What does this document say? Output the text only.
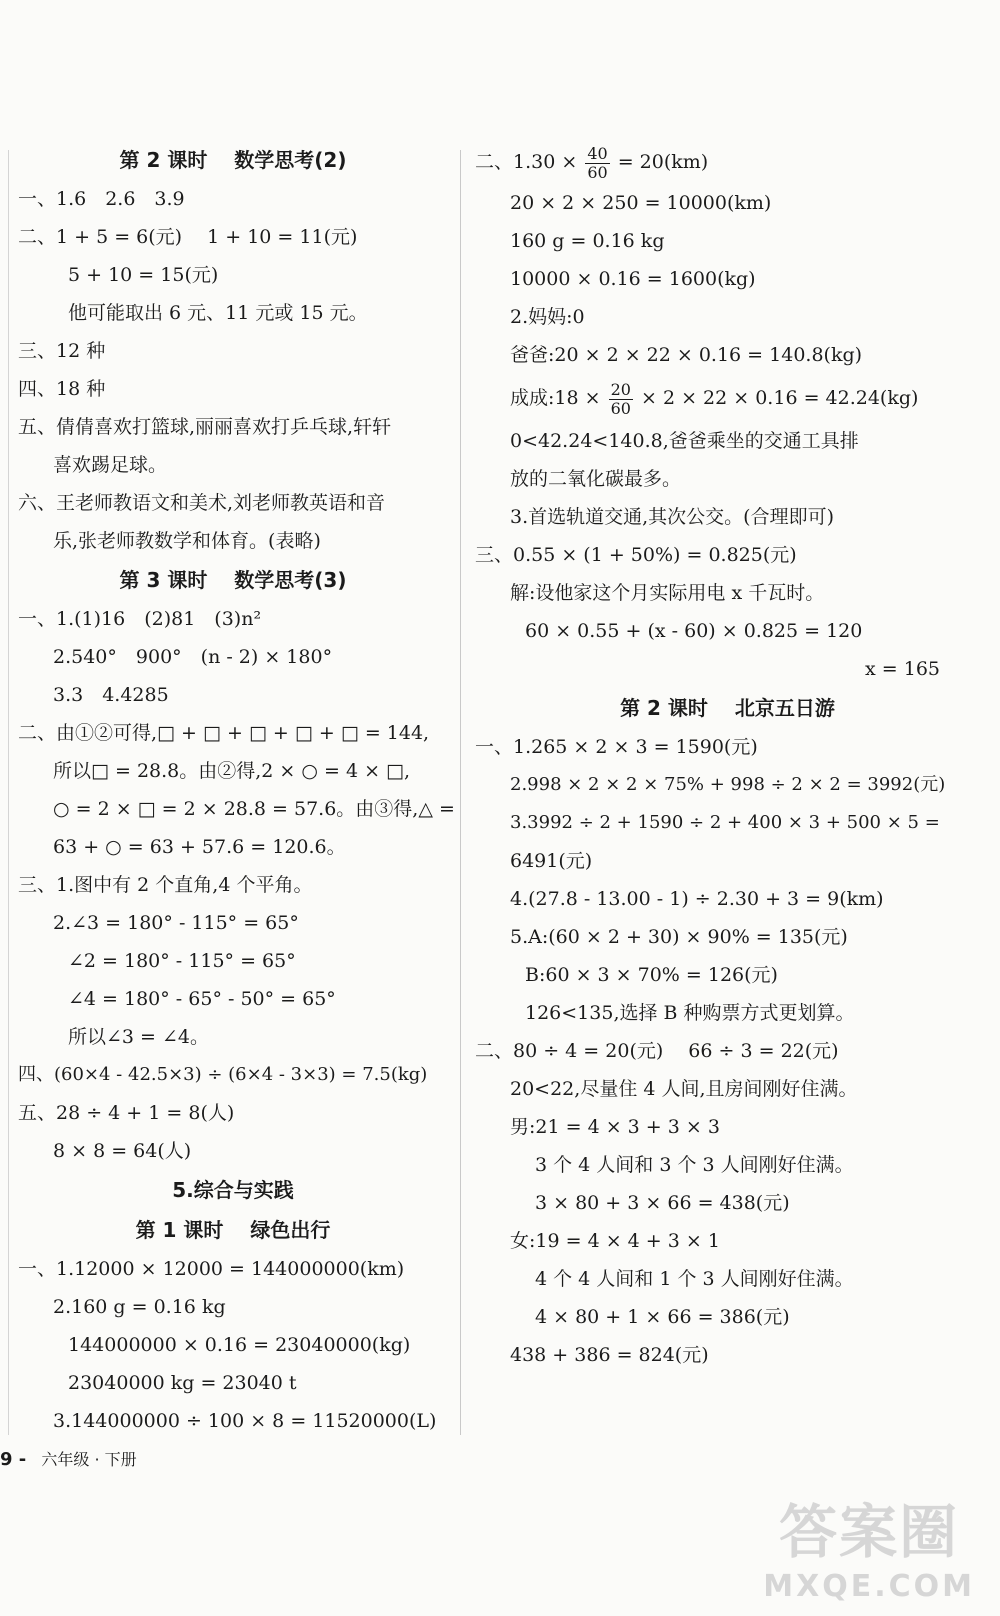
第 2 课时　 数学思考(2)
一、1.6　2.6　3.9
二、1 + 5 = 6(元)　 1 + 10 = 11(元)
5 + 10 = 15(元)
他可能取出 6 元、11 元或 15 元。
三、12 种
四、18 种
五、倩倩喜欢打篮球,丽丽喜欢打乒乓球,轩轩
喜欢踢足球。
六、王老师教语文和美术,刘老师教英语和音
乐,张老师教数学和体育。(表略)
第 3 课时　 数学思考(3)
一、1.(1)16　(2)81　(3)n²
2.540°　900°　(n - 2) × 180°
3.3　4.4285
二、由①②可得,□ + □ + □ + □ + □ = 144,
所以□ = 28.8。由②得,2 × ○ = 4 × □,
○ = 2 × □ = 2 × 28.8 = 57.6。由③得,△ =
63 + ○ = 63 + 57.6 = 120.6。
三、1.图中有 2 个直角,4 个平角。
2.∠3 = 180° - 115° = 65°
∠2 = 180° - 115° = 65°
∠4 = 180° - 65° - 50° = 65°
所以∠3 = ∠4。
四、(60×4 - 42.5×3) ÷ (6×4 - 3×3) = 7.5(kg)
五、28 ÷ 4 + 1 = 8(人)
8 × 8 = 64(人)
5.综合与实践
第 1 课时　 绿色出行
一、1.12000 × 12000 = 144000000(km)
2.160 g = 0.16 kg
144000000 × 0.16 = 23040000(kg)
23040000 kg = 23040 t
3.144000000 ÷ 100 × 8 = 11520000(L)
二、$1.30 \times \frac{40}{60} = 20(km)$
20 × 2 × 250 = 10000(km)
160 g = 0.16 kg
10000 × 0.16 = 1600(kg)
2.妈妈:0
爸爸:20 × 2 × 22 × 0.16 = 140.8(kg)
成成:18 × $\frac{20}{60} \times 2 \times 22 \times 0.16 = 42.24(kg)$
0<42.24<140.8,爸爸乘坐的交通工具排
放的二氧化碳最多。
3.首选轨道交通,其次公交。(合理即可)
三、0.55 × (1 + 50%) = 0.825(元)
解:设他家这个月实际用电 x 千瓦时。
60 × 0.55 + (x - 60) × 0.825 = 120
x = 165
第 2 课时　 北京五日游
一、1.265 × 2 × 3 = 1590(元)
2.998 × 2 × 2 × 75% + 998 ÷ 2 × 2 = 3992(元)
3.3992 ÷ 2 + 1590 ÷ 2 + 400 × 3 + 500 × 5 =
6491(元)
4.(27.8 - 13.00 - 1) ÷ 2.30 + 3 = 9(km)
5.A:(60 × 2 + 30) × 90% = 135(元)
B:60 × 3 × 70% = 126(元)
126<135,选择 B 种购票方式更划算。
二、80 ÷ 4 = 20(元)　 66 ÷ 3 = 22(元)
20<22,尽量住 4 人间,且房间刚好住满。
男:21 = 4 × 3 + 3 × 3
3 个 4 人间和 3 个 3 人间刚好住满。
3 × 80 + 3 × 66 = 438(元)
女:19 = 4 × 4 + 3 × 1
4 个 4 人间和 1 个 3 人间刚好住满。
4 × 80 + 1 × 66 = 386(元)
438 + 386 = 824(元)
9 - 六年级 · 下册
答案圈
MXQE.COM
